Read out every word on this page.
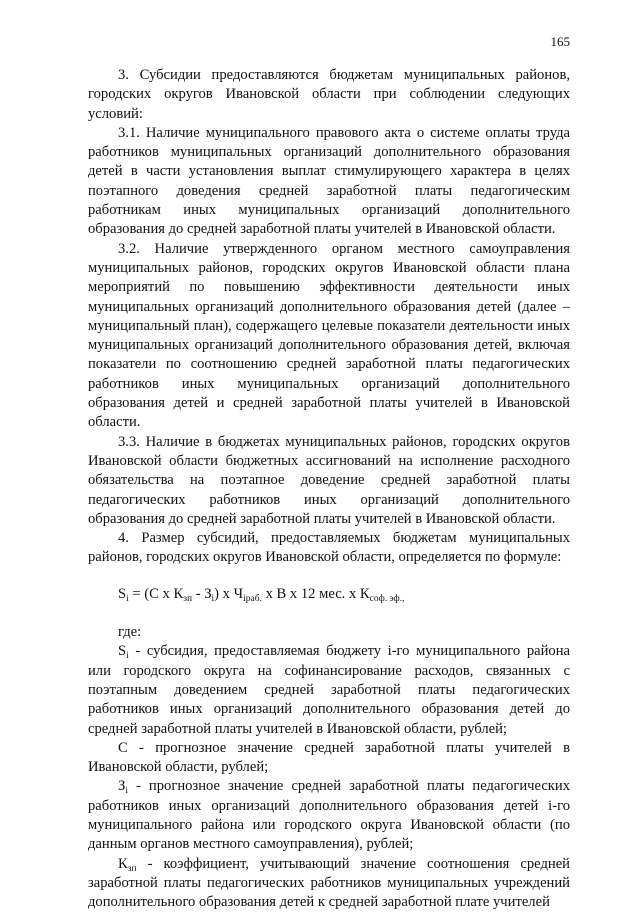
165

3. Субсидии предоставляются бюджетам муниципальных районов, городских округов Ивановской области при соблюдении следующих условий:

3.1. Наличие муниципального правового акта о системе оплаты труда работников муниципальных организаций дополнительного образования детей в части установления выплат стимулирующего характера в целях поэтапного доведения средней заработной платы педагогическим работникам иных муниципальных организаций дополнительного образования до средней заработной платы учителей в Ивановской области.

3.2. Наличие утвержденного органом местного самоуправления муниципальных районов, городских округов Ивановской области плана мероприятий по повышению эффективности деятельности иных муниципальных организаций дополнительного образования детей (далее – муниципальный план), содержащего целевые показатели деятельности иных муниципальных организаций дополнительного образования детей, включая показатели по соотношению средней заработной платы педагогических работников иных муниципальных организаций дополнительного образования детей и средней заработной платы учителей в Ивановской области.

3.3. Наличие в бюджетах муниципальных районов, городских округов Ивановской области бюджетных ассигнований на исполнение расходного обязательства на поэтапное доведение средней заработной платы педагогических работников иных организаций дополнительного образования до средней заработной платы учителей в Ивановской области.

4. Размер субсидий, предоставляемых бюджетам муниципальных районов, городских округов Ивановской области, определяется по формуле:

$S_i = (С$ х $К_{зп} - З_i$) х $Ч_{iраб.}$ х В х 12 мес. х $К_{соф. эф.,}$

где:

$S_i$ - субсидия, предоставляемая бюджету i-го муниципального района или городского округа на софинансирование расходов, связанных с поэтапным доведением средней заработной платы педагогических работников иных организаций дополнительного образования детей до средней заработной платы учителей в Ивановской области, рублей;

С - прогнозное значение средней заработной платы учителей в Ивановской области, рублей;

$З_i$ - прогнозное значение средней заработной платы педагогических работников иных организаций дополнительного образования детей i-го муниципального района или городского округа Ивановской области (по данным органов местного самоуправления), рублей;

$К_{зп}$ - коэффициент, учитывающий значение соотношения средней заработной платы педагогических работников муниципальных учреждений дополнительного образования детей к средней заработной плате учителей
